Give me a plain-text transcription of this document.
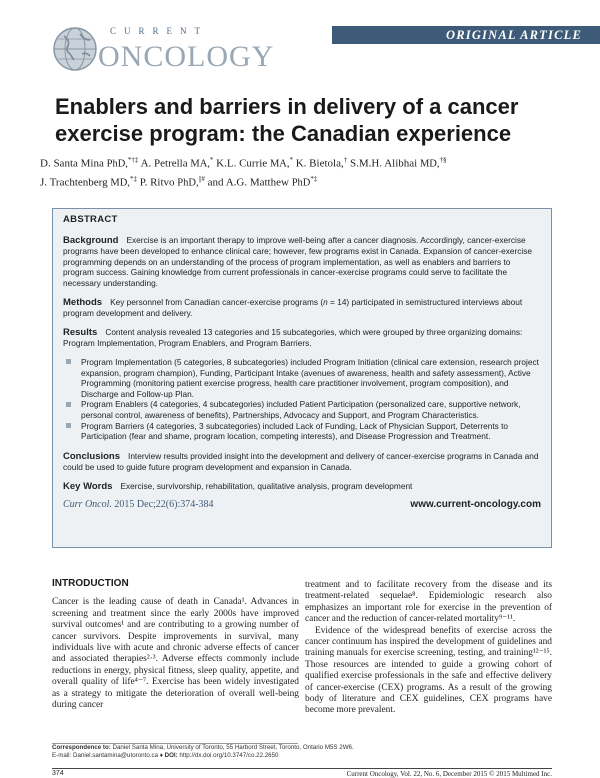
CURRENT
ONCOLOGY
ORIGINAL ARTICLE
Enablers and barriers in delivery of a cancer exercise program: the Canadian experience
D. Santa Mina PhD,*†‡ A. Petrella MA,* K.L. Currie MA,* K. Bietola,† S.M.H. Alibhai MD,†§
J. Trachtenberg MD,*‡ P. Ritvo PhD,||# and A.G. Matthew PhD*‡
ABSTRACT
Background Exercise is an important therapy to improve well-being after a cancer diagnosis. Accordingly, cancer-exercise programs have been developed to enhance clinical care; however, few programs exist in Canada. Expansion of cancer-exercise programming depends on an understanding of the process of program implementation, as well as enablers and barriers to program success. Gaining knowledge from current professionals in cancer-exercise programs could serve to facilitate the necessary understanding.
Methods Key personnel from Canadian cancer-exercise programs (n = 14) participated in semistructured interviews about program development and delivery.
Results Content analysis revealed 13 categories and 15 subcategories, which were grouped by three organizing domains: Program Implementation, Program Enablers, and Program Barriers.
Program Implementation (5 categories, 8 subcategories) included Program Initiation (clinical care extension, research project expansion, program champion), Funding, Participant Intake (avenues of awareness, health and safety assessment), Active Programming (monitoring patient exercise progress, health care practitioner involvement, program composition), and Discharge and Follow-up Plan.
Program Enablers (4 categories, 4 subcategories) included Patient Participation (personalized care, supportive network, personal control, awareness of benefits), Partnerships, Advocacy and Support, and Program Characteristics.
Program Barriers (4 categories, 3 subcategories) included Lack of Funding, Lack of Physician Support, Deterrents to Participation (fear and shame, program location, competing interests), and Disease Progression and Treatment.
Conclusions Interview results provided insight into the development and delivery of cancer-exercise programs in Canada and could be used to guide future program development and expansion in Canada.
Key Words Exercise, survivorship, rehabilitation, qualitative analysis, program development
Curr Oncol. 2015 Dec;22(6):374-384	www.current-oncology.com
INTRODUCTION

Cancer is the leading cause of death in Canada¹. Advances in screening and treatment since the early 2000s have improved survival outcomes¹ and are contributing to a growing number of cancer survivors. Despite improvements in survival, many individuals live with acute and chronic adverse effects of cancer and associated therapies²·³. Adverse effects commonly include reductions in energy, physical fitness, sleep quality, appetite, and overall quality of life⁴⁻⁷. Exercise has been widely investigated as a strategy to mitigate the deterioration of overall well-being during cancer

treatment and to facilitate recovery from the disease and its treatment-related sequelae⁸. Epidemiologic research also emphasizes an important role for exercise in the prevention of cancer and the reduction of cancer-related mortality⁹⁻¹¹.

Evidence of the widespread benefits of exercise across the cancer continuum has inspired the development of guidelines and training manuals for exercise screening, testing, and training¹²⁻¹⁵. Those resources are intended to guide a growing cohort of qualified exercise professionals in the safe and effective delivery of cancer-exercise (CEX) programs. As a result of the growing body of literature and CEX guidelines, CEX programs have become more prevalent.

Correspondence to: Daniel Santa Mina, University of Toronto, 55 Harbord Street, Toronto, Ontario M5S 2W6.
E-mail: Daniel.santamina@utoronto.ca ♦ DOI: http://dx.doi.org/10.3747/co.22.2650
374	Current Oncology, Vol. 22, No. 6, December 2015 © 2015 Multimed Inc.
